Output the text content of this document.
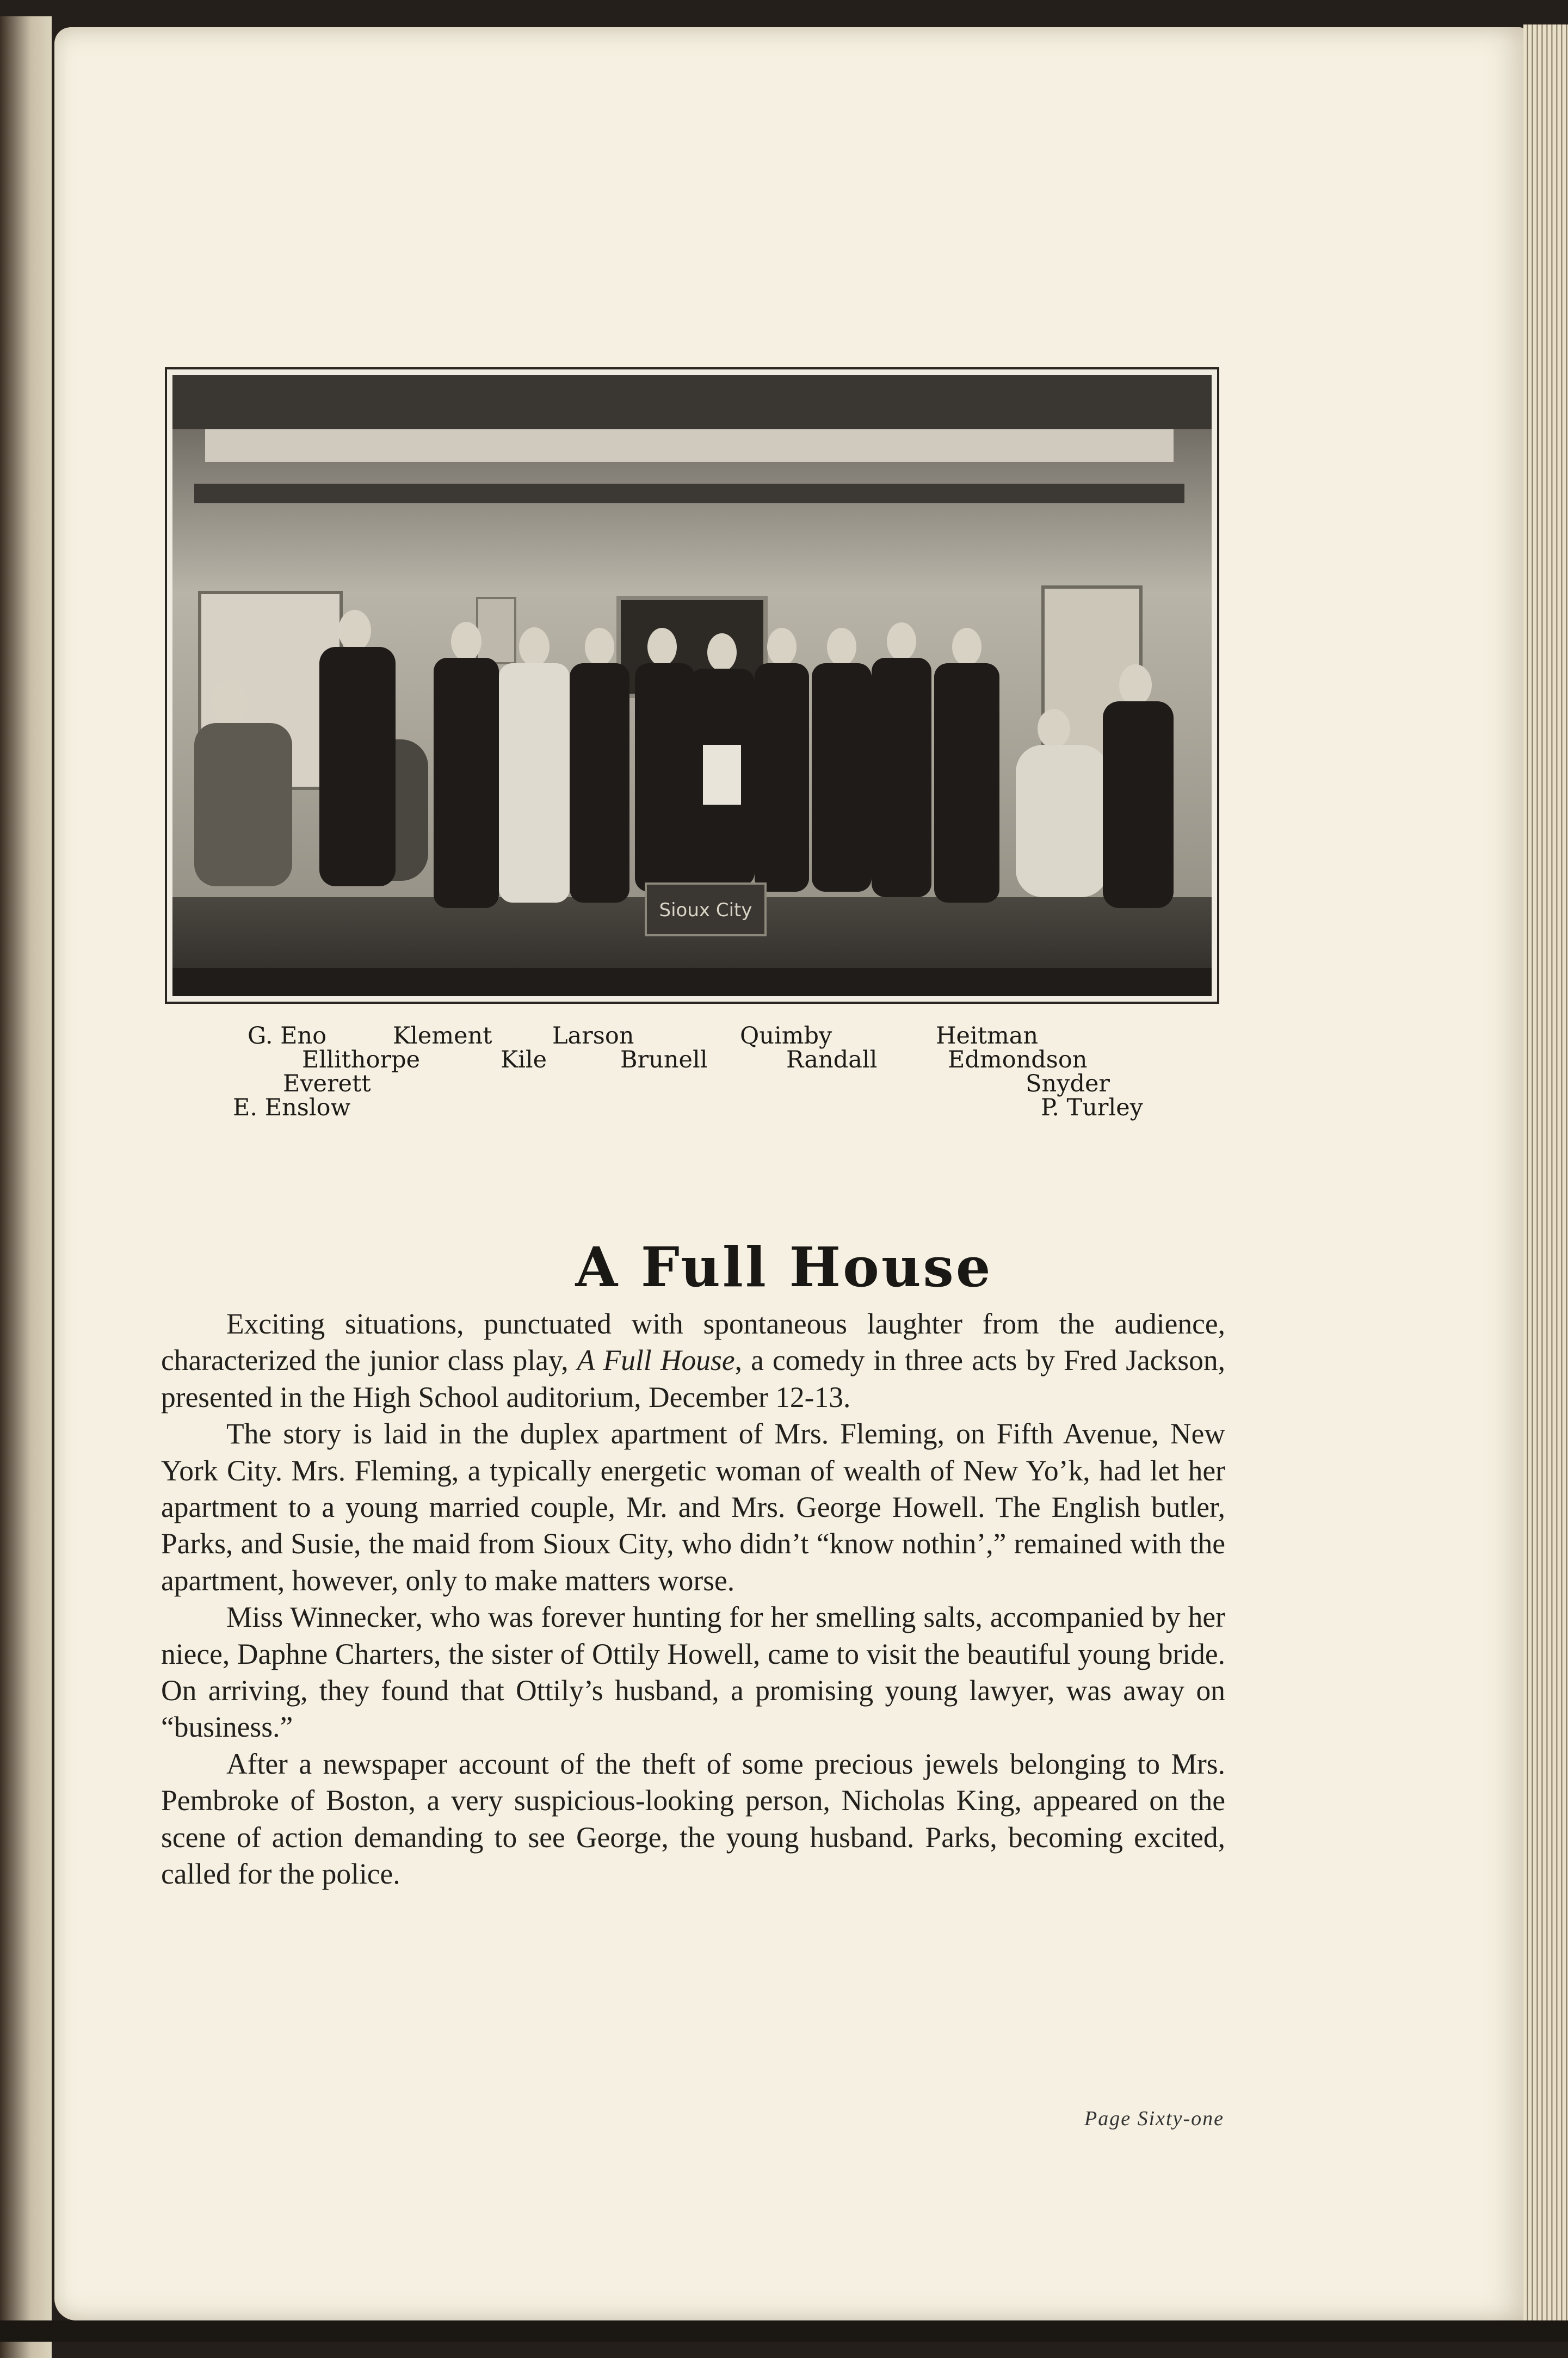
Sioux City
G. Eno	Klement	Larson	Quimby	Heitman
Ellithorpe	Kile	Brunell	Randall	Edmondson
Everett	Snyder
E. Enslow	P. Turley
A Full House

Exciting situations, punctuated with spontaneous laughter from the audience, characterized the junior class play, A Full House, a comedy in three acts by Fred Jackson, presented in the High School auditorium, December 12-13.

The story is laid in the duplex apartment of Mrs. Fleming, on Fifth Avenue, New York City. Mrs. Fleming, a typically energetic woman of wealth of New Yo’k, had let her apartment to a young married couple, Mr. and Mrs. George Howell. The English butler, Parks, and Susie, the maid from Sioux City, who didn’t “know nothin’,” remained with the apartment, however, only to make matters worse.

Miss Winnecker, who was forever hunting for her smelling salts, accompanied by her niece, Daphne Charters, the sister of Ottily Howell, came to visit the beautiful young bride. On arriving, they found that Ottily’s husband, a promising young lawyer, was away on “business.”

After a newspaper account of the theft of some precious jewels belonging to Mrs. Pembroke of Boston, a very suspicious-looking person, Nicholas King, appeared on the scene of action demanding to see George, the young husband. Parks, becoming excited, called for the police.

Page Sixty-one
